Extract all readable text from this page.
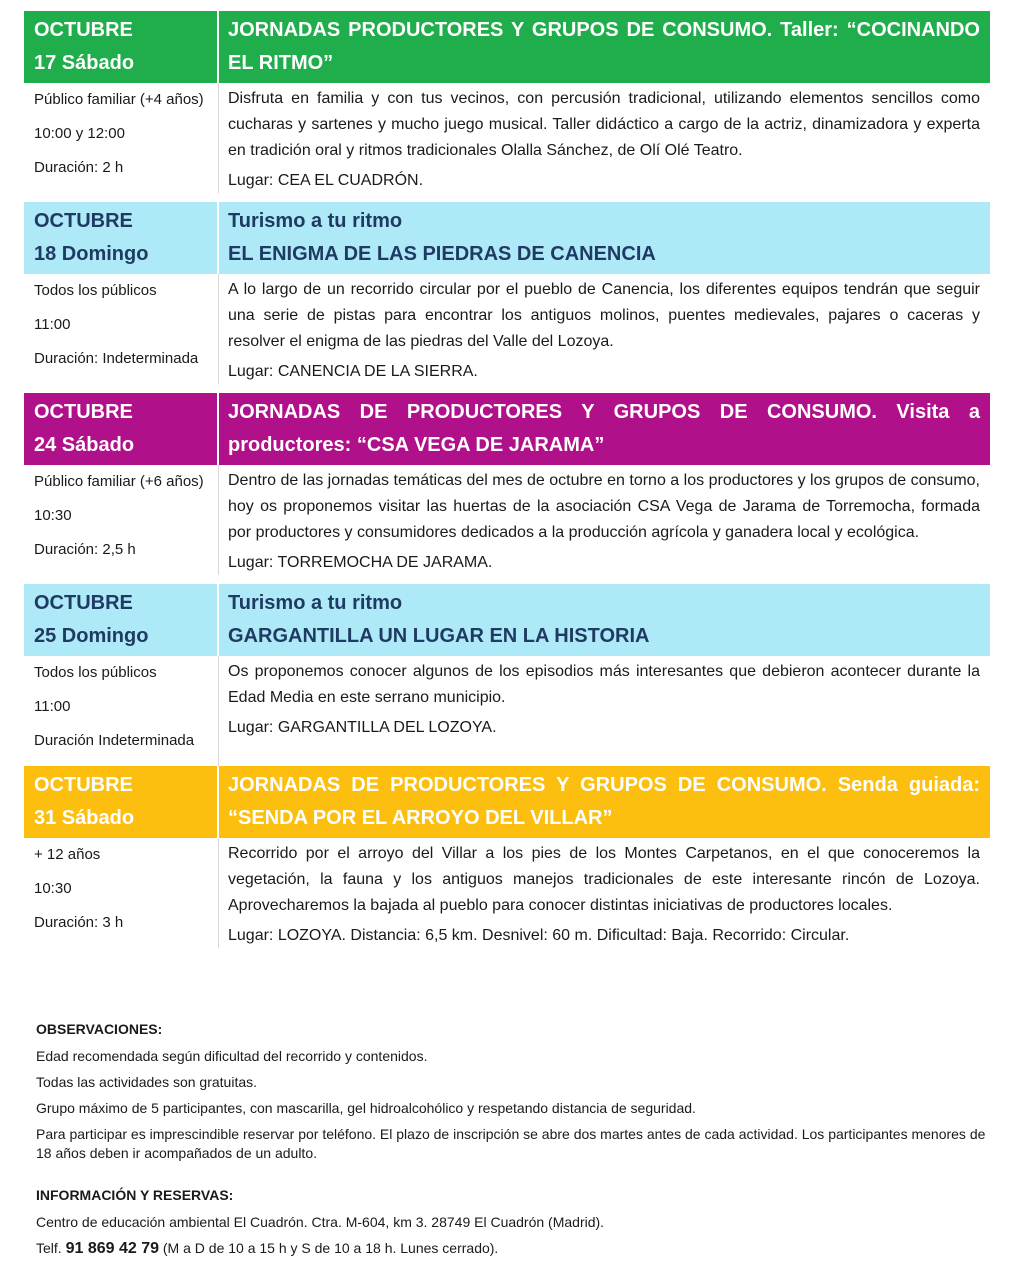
OCTUBRE
17 Sábado
JORNADAS PRODUCTORES Y GRUPOS DE CONSUMO. Taller: “COCINANDO EL RITMO”
Público familiar (+4 años)
10:00 y 12:00
Duración: 2 h
Disfruta en familia y con tus vecinos, con percusión tradicional, utilizando elementos sencillos como cucharas y sartenes y mucho juego musical. Taller didáctico a cargo de la actriz, dinamizadora y experta en tradición oral y ritmos tradicionales Olalla Sánchez, de Olí Olé Teatro.
Lugar: CEA EL CUADRÓN.
OCTUBRE
18 Domingo
Turismo a tu ritmo
EL ENIGMA DE LAS PIEDRAS DE CANENCIA
Todos los públicos
11:00
Duración: Indeterminada
A lo largo de un recorrido circular por el pueblo de Canencia, los diferentes equipos tendrán que seguir una serie de pistas para encontrar los antiguos molinos, puentes medievales, pajares o caceras y resolver el enigma de las piedras del Valle del Lozoya.
Lugar: CANENCIA DE LA SIERRA.
OCTUBRE
24 Sábado
JORNADAS DE PRODUCTORES Y GRUPOS DE CONSUMO. Visita a productores: “CSA VEGA DE JARAMA”
Público familiar (+6 años)
10:30
Duración: 2,5 h
Dentro de las jornadas temáticas del mes de octubre en torno a los productores y los grupos de consumo, hoy os proponemos visitar las huertas de la asociación CSA Vega de Jarama de Torremocha, formada por productores y consumidores dedicados a la producción agrícola y ganadera local y ecológica.
Lugar: TORREMOCHA DE JARAMA.
OCTUBRE
25 Domingo
Turismo a tu ritmo
GARGANTILLA UN LUGAR EN LA HISTORIA
Todos los públicos
11:00
Duración Indeterminada
Os proponemos conocer algunos de los episodios más interesantes que debieron acontecer durante la Edad Media en este serrano municipio.
Lugar: GARGANTILLA DEL LOZOYA.
OCTUBRE
31 Sábado
JORNADAS DE PRODUCTORES Y GRUPOS DE CONSUMO. Senda guiada: “SENDA POR EL ARROYO DEL VILLAR”
+ 12 años
10:30
Duración: 3 h
Recorrido por el arroyo del Villar a los pies de los Montes Carpetanos, en el que conoceremos la vegetación, la fauna y los antiguos manejos tradicionales de este interesante rincón de Lozoya. Aprovecharemos la bajada al pueblo para conocer distintas iniciativas de productores locales.
Lugar: LOZOYA. Distancia: 6,5 km. Desnivel: 60 m. Dificultad: Baja. Recorrido: Circular.
OBSERVACIONES:
Edad recomendada según dificultad del recorrido y contenidos.
Todas las actividades son gratuitas.
Grupo máximo de 5 participantes, con mascarilla, gel hidroalcohólico y respetando distancia de seguridad.
Para participar es imprescindible reservar por teléfono. El plazo de inscripción se abre dos martes antes de cada actividad. Los participantes menores de 18 años deben ir acompañados de un adulto.
INFORMACIÓN Y RESERVAS:
Centro de educación ambiental El Cuadrón. Ctra. M-604, km 3. 28749 El Cuadrón (Madrid).
Telf. 91 869 42 79 (M a D de 10 a 15 h y S de 10 a 18 h. Lunes cerrado).
